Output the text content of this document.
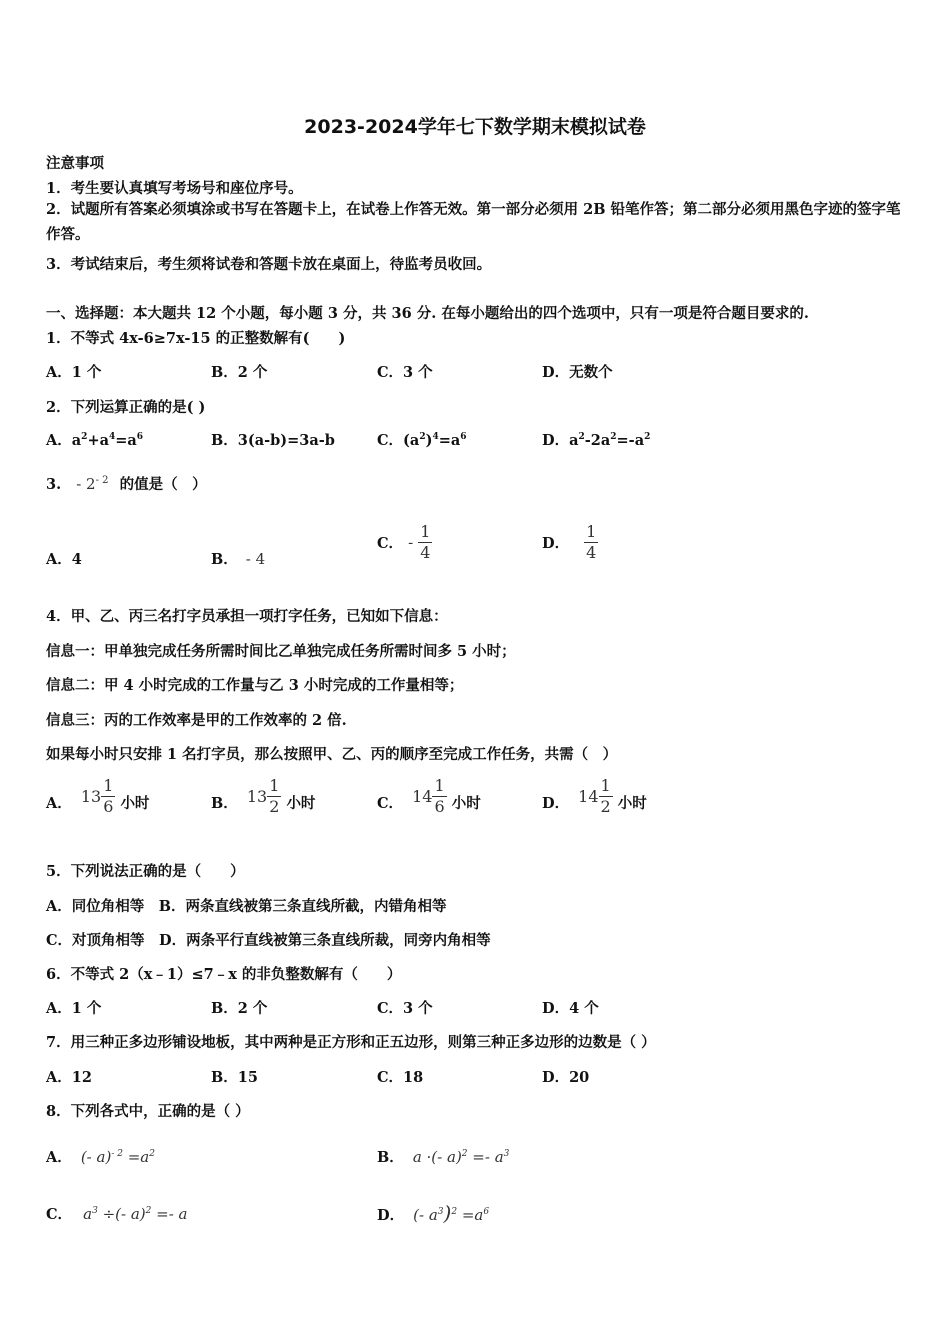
2023-2024学年七下数学期末模拟试卷
注意事项
1．考生要认真填写考场号和座位序号。
2．试题所有答案必须填涂或书写在答题卡上，在试卷上作答无效。第一部分必须用 2B 铅笔作答；第二部分必须用黑色字迹的签字笔作答。
3．考试结束后，考生须将试卷和答题卡放在桌面上，待监考员收回。
一、选择题：本大题共 12 个小题，每小题 3 分，共 36 分. 在每小题给出的四个选项中，只有一项是符合题目要求的.
1．不等式 4x-6≥7x-15 的正整数解有(　　)
A．1 个	B．2 个	C．3 个	D．无数个
2．下列运算正确的是( )
A．$a^2+a^4=a^6$	B．3(a-b)=3a-b	C．$(a^2)^4=a^6$	D．$a^2-2a^2=-a^2$
3. - $2^{- 2}$ 的值是（　）
A．4	B． - 4
C． - $\frac{1}{4}$	D． $\frac{1}{4}$
4．甲、乙、丙三名打字员承担一项打字任务，已知如下信息：
信息一：甲单独完成任务所需时间比乙单独完成任务所需时间多 5 小时；
信息二：甲 4 小时完成的工作量与乙 3 小时完成的工作量相等；
信息三：丙的工作效率是甲的工作效率的 2 倍.
如果每小时只安排 1 名打字员，那么按照甲、乙、丙的顺序至完成工作任务，共需（　）
A． $13 \frac{1}{6}$ 小时	B． $13 \frac{1}{2}$ 小时	C． $14 \frac{1}{6}$ 小时	D． $14 \frac{1}{2}$ 小时
5．下列说法正确的是（　　）
A．同位角相等　B．两条直线被第三条直线所截，内错角相等
C．对顶角相等　D．两条平行直线被第三条直线所裁，同旁内角相等
6．不等式 2（x﹣1）≤7﹣x 的非负整数解有（　　）
A．1 个	B．2 个	C．3 个	D．4 个
7．用三种正多边形铺设地板，其中两种是正方形和正五边形，则第三种正多边形的边数是（ ）
A．12	B．15	C．18	D．20
8．下列各式中，正确的是（ ）
A． (- $a)^{- 2} =a^2$	B． a ·(- $a)^2 =- a^3$
C． $a^3$ ÷(- a)$^2$ =- a	D． (- $a^3)^2 =a^6$
